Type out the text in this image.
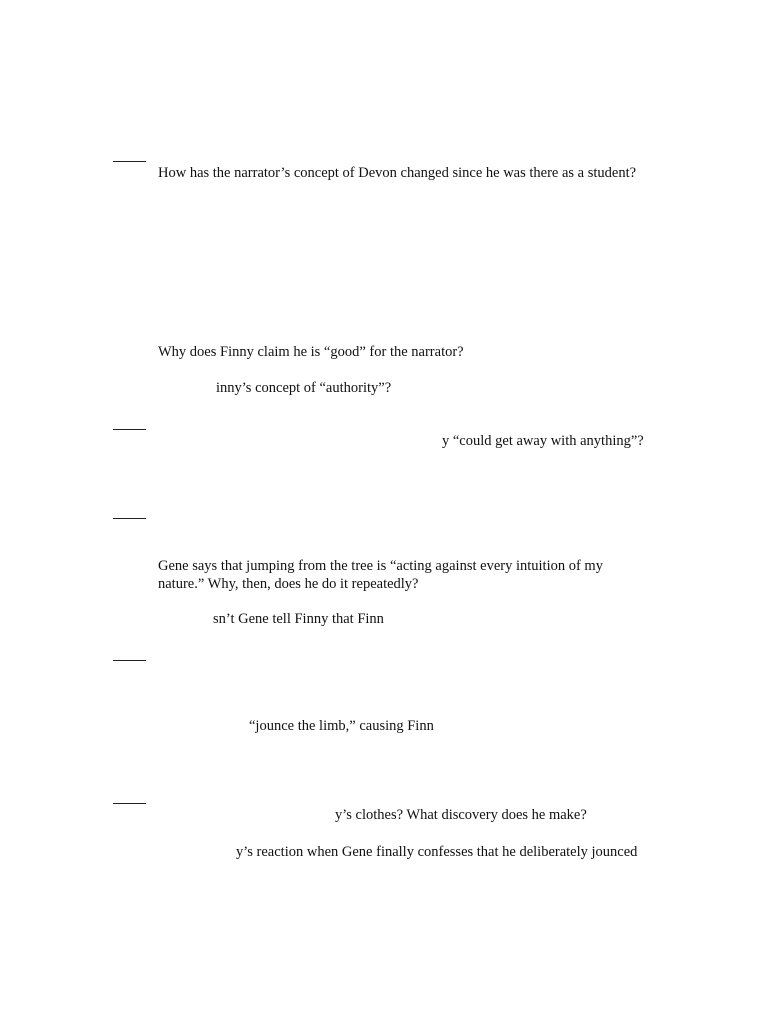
How has the narrator’s concept of Devon changed since he was there as a student?
Why does Finny claim he is “good” for the narrator?
inny’s concept of “authority”?
y “could get away with anything”?
Gene says that jumping from the tree is “acting against every intuition of my nature.” Why, then, does he do it repeatedly?
sn’t Gene tell Finny that Finn
“jounce the limb,” causing Finn
y’s clothes? What discovery does he make?
y’s reaction when Gene finally confesses that he deliberately jounced
